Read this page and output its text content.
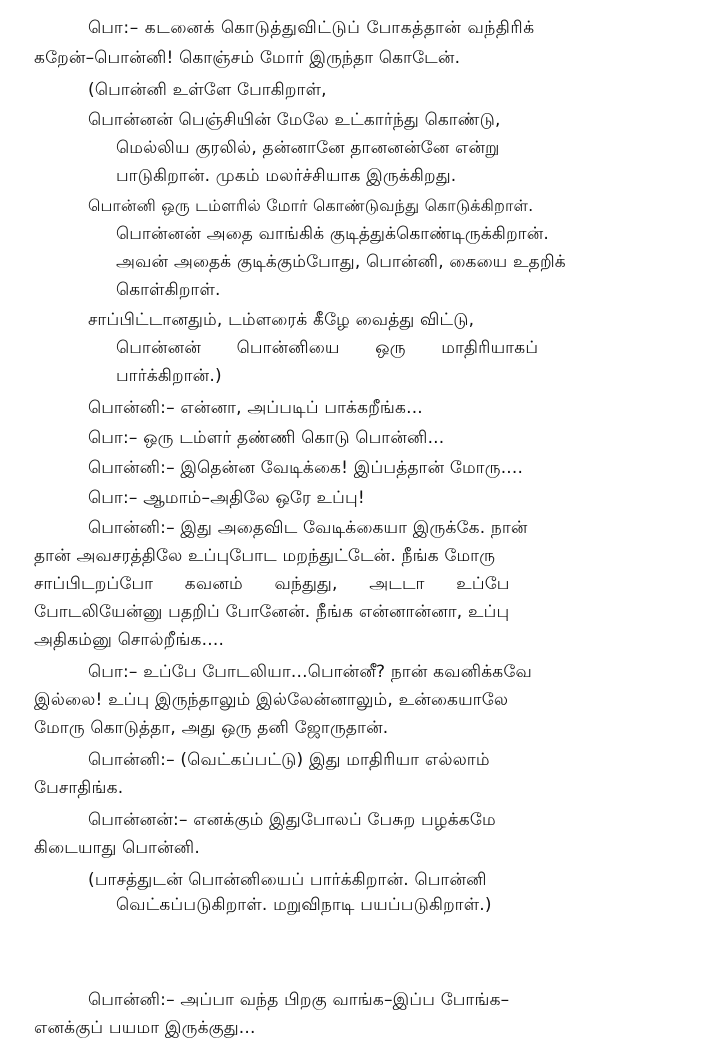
பொ:– கடனைக் கொடுத்துவிட்டுப் போகத்தான் வந்திரிக்
கறேன்–பொன்னி! கொஞ்சம் மோர் இருந்தா கொடேன்.
(பொன்னி உள்ளே போகிறாள்,
பொன்னன் பெஞ்சியின் மேலே உட்கார்ந்து கொண்டு,
மெல்லிய குரலில், தன்னானே தானனன்னே என்று
பாடுகிறான். முகம் மலர்ச்சியாக இருக்கிறது.
பொன்னி ஒரு டம்ளரில் மோர் கொண்டுவந்து கொடுக்கிறாள்.
பொன்னன் அதை வாங்கிக் குடித்துக்கொண்டிருக்கிறான்.
அவன் அதைக் குடிக்கும்போது, பொன்னி, கையை உதறிக்
கொள்கிறாள்.
சாப்பிட்டானதும், டம்ளரைக் கீழே வைத்து விட்டு,
பொன்னன் பொன்னியை ஒரு மாதிரியாகப்
பார்க்கிறான்.)
பொன்னி:– என்னா, அப்படிப் பாக்கறீங்க...
பொ:– ஒரு டம்ளர் தண்ணி கொடு பொன்னி...
பொன்னி:– இதென்ன வேடிக்கை! இப்பத்தான் மோரு....
பொ:– ஆமாம்–அதிலே ஒரே உப்பு!
பொன்னி:– இது அதைவிட வேடிக்கையா இருக்கே. நான்
தான் அவசரத்திலே உப்புபோட மறந்துட்டேன். நீங்க மோரு
சாப்பிடறப்போ கவனம் வந்துது, அடடா உப்பே
போடலியேன்னு பதறிப் போனேன். நீங்க என்னான்னா, உப்பு
அதிகம்னு சொல்றீங்க....
பொ:– உப்பே போடலியா...பொன்னீ? நான் கவனிக்கவே
இல்லை! உப்பு இருந்தாலும் இல்லேன்னாலும், உன்கையாலே
மோரு கொடுத்தா, அது ஒரு தனி ஜோருதான்.
பொன்னி:– (வெட்கப்பட்டு) இது மாதிரியா எல்லாம்
பேசாதிங்க.
பொன்னன்:– எனக்கும் இதுபோலப் பேசுற பழக்கமே
கிடையாது பொன்னி.
(பாசத்துடன் பொன்னியைப் பார்க்கிறான். பொன்னி
வெட்கப்படுகிறாள். மறுவிநாடி பயப்படுகிறாள்.)
பொன்னி:– அப்பா வந்த பிறகு வாங்க–இப்ப போங்க–
எனக்குப் பயமா இருக்குது...
